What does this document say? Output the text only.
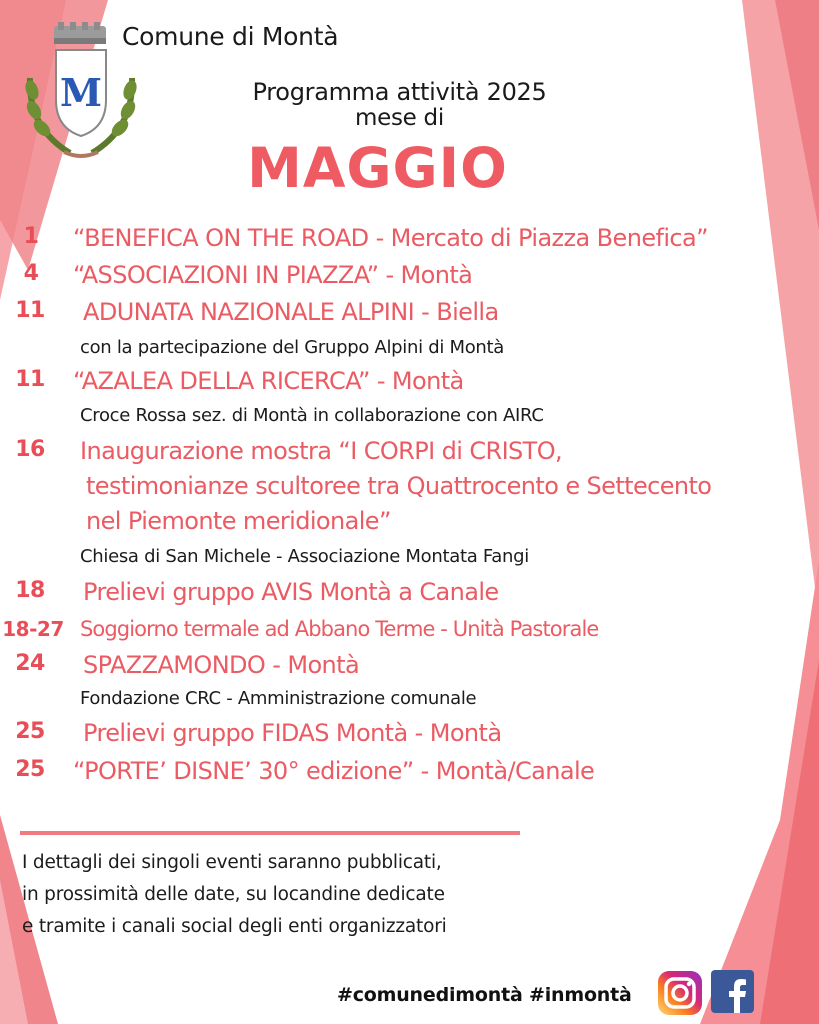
M
Comune di Montà
Programma attività 2025
mese di
MAGGIO
1 “BENEFICA ON THE ROAD - Mercato di Piazza Benefica”
4 “ASSOCIAZIONI IN PIAZZA” - Montà
11 ADUNATA NAZIONALE ALPINI - Biella
con la partecipazione del Gruppo Alpini di Montà
11 “AZALEA DELLA RICERCA” - Montà
Croce Rossa sez. di Montà in collaborazione con AIRC
16 Inaugurazione mostra “I CORPI di CRISTO,
testimonianze scultoree tra Quattrocento e Settecento
nel Piemonte meridionale”
Chiesa di San Michele - Associazione Montata Fangi
18 Prelievi gruppo AVIS Montà a Canale
18-27 Soggiorno termale ad Abbano Terme - Unità Pastorale
24 SPAZZAMONDO - Montà
Fondazione CRC - Amministrazione comunale
25 Prelievi gruppo FIDAS Montà - Montà
25 “PORTE’ DISNE’ 30° edizione” - Montà/Canale
I dettagli dei singoli eventi saranno pubblicati,
in prossimità delle date, su locandine dedicate
e tramite i canali social degli enti organizzatori
#comunedimontà #inmontà
